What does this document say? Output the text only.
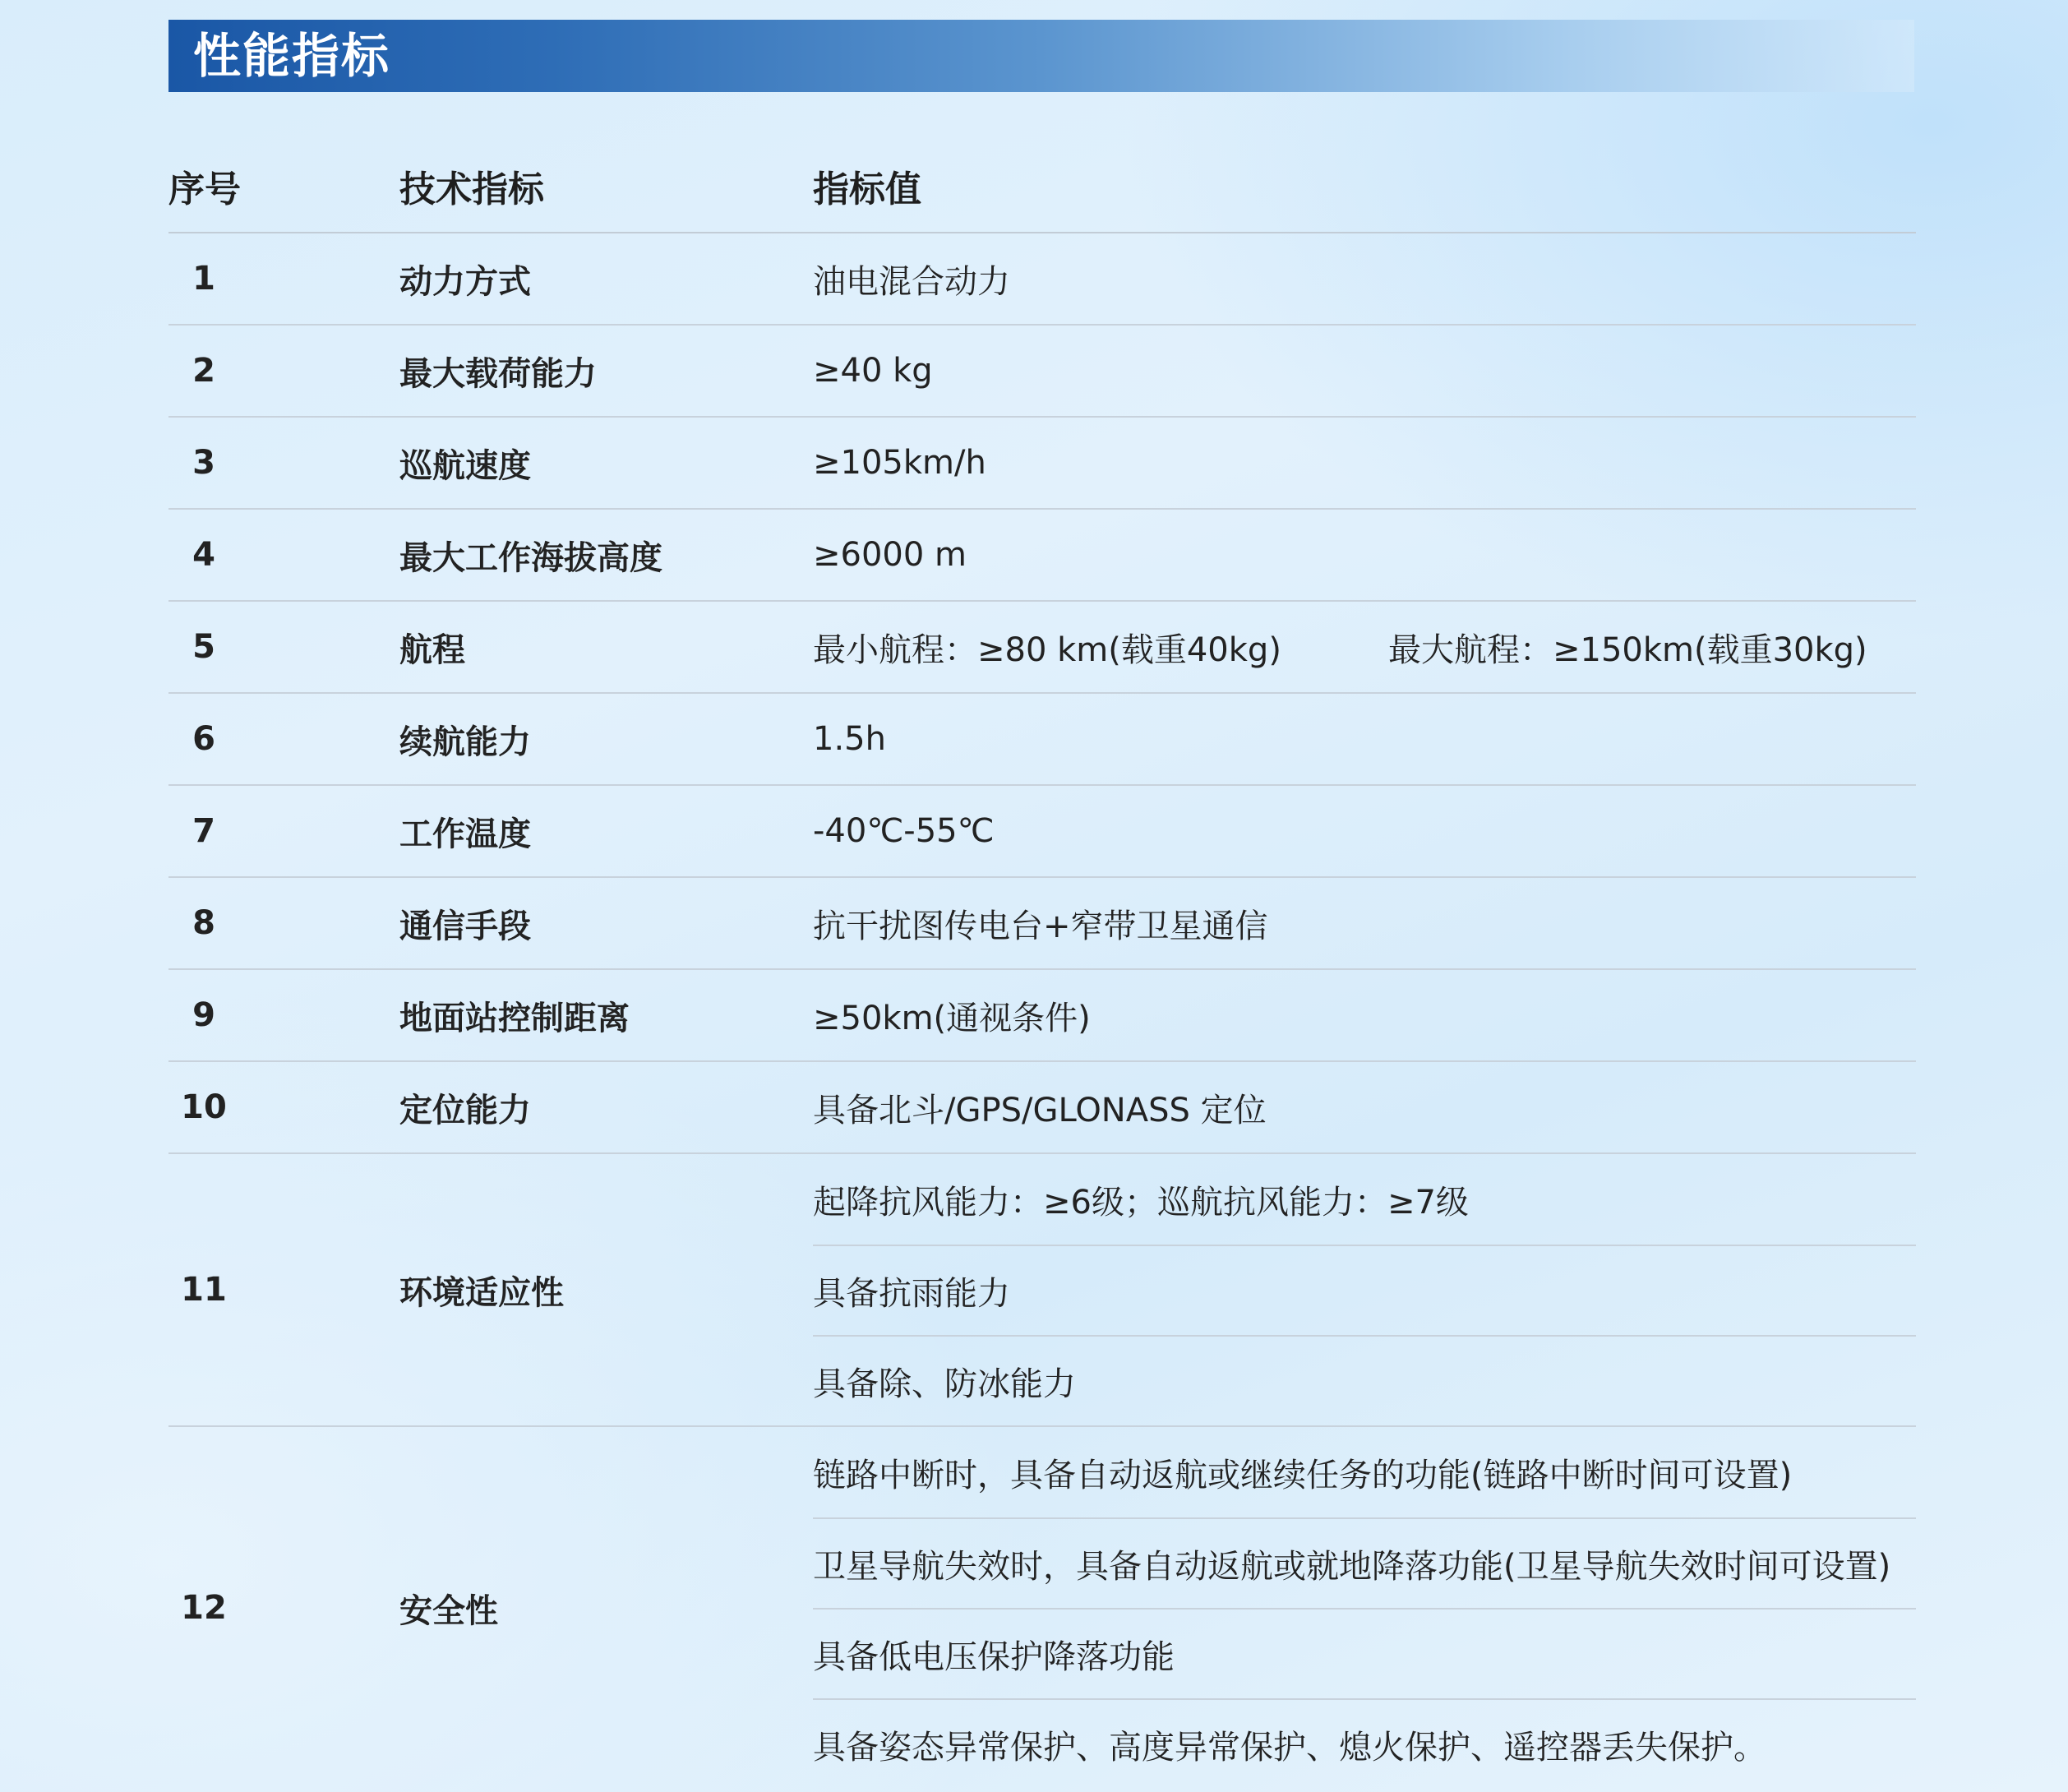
性能指标
序号	技术指标	指标值
1	动力方式	油电混合动力
2	最大载荷能力	≥40 kg
3	巡航速度	≥105km/h
4	最大工作海拔高度	≥6000 m
5	航程	最小航程：≥80 km(载重40kg)	最大航程：≥150km(载重30kg)
6	续航能力	1.5h
7	工作温度	-40℃-55℃
8	通信手段	抗干扰图传电台+窄带卫星通信
9	地面站控制距离	≥50km(通视条件)
10	定位能力	具备北斗/GPS/GLONASS 定位
11	环境适应性
起降抗风能力：≥6级；巡航抗风能力：≥7级
具备抗雨能力
具备除、防冰能力
12	安全性
链路中断时，具备自动返航或继续任务的功能(链路中断时间可设置)
卫星导航失效时，具备自动返航或就地降落功能(卫星导航失效时间可设置)
具备低电压保护降落功能
具备姿态异常保护、高度异常保护、熄火保护、遥控器丢失保护。
